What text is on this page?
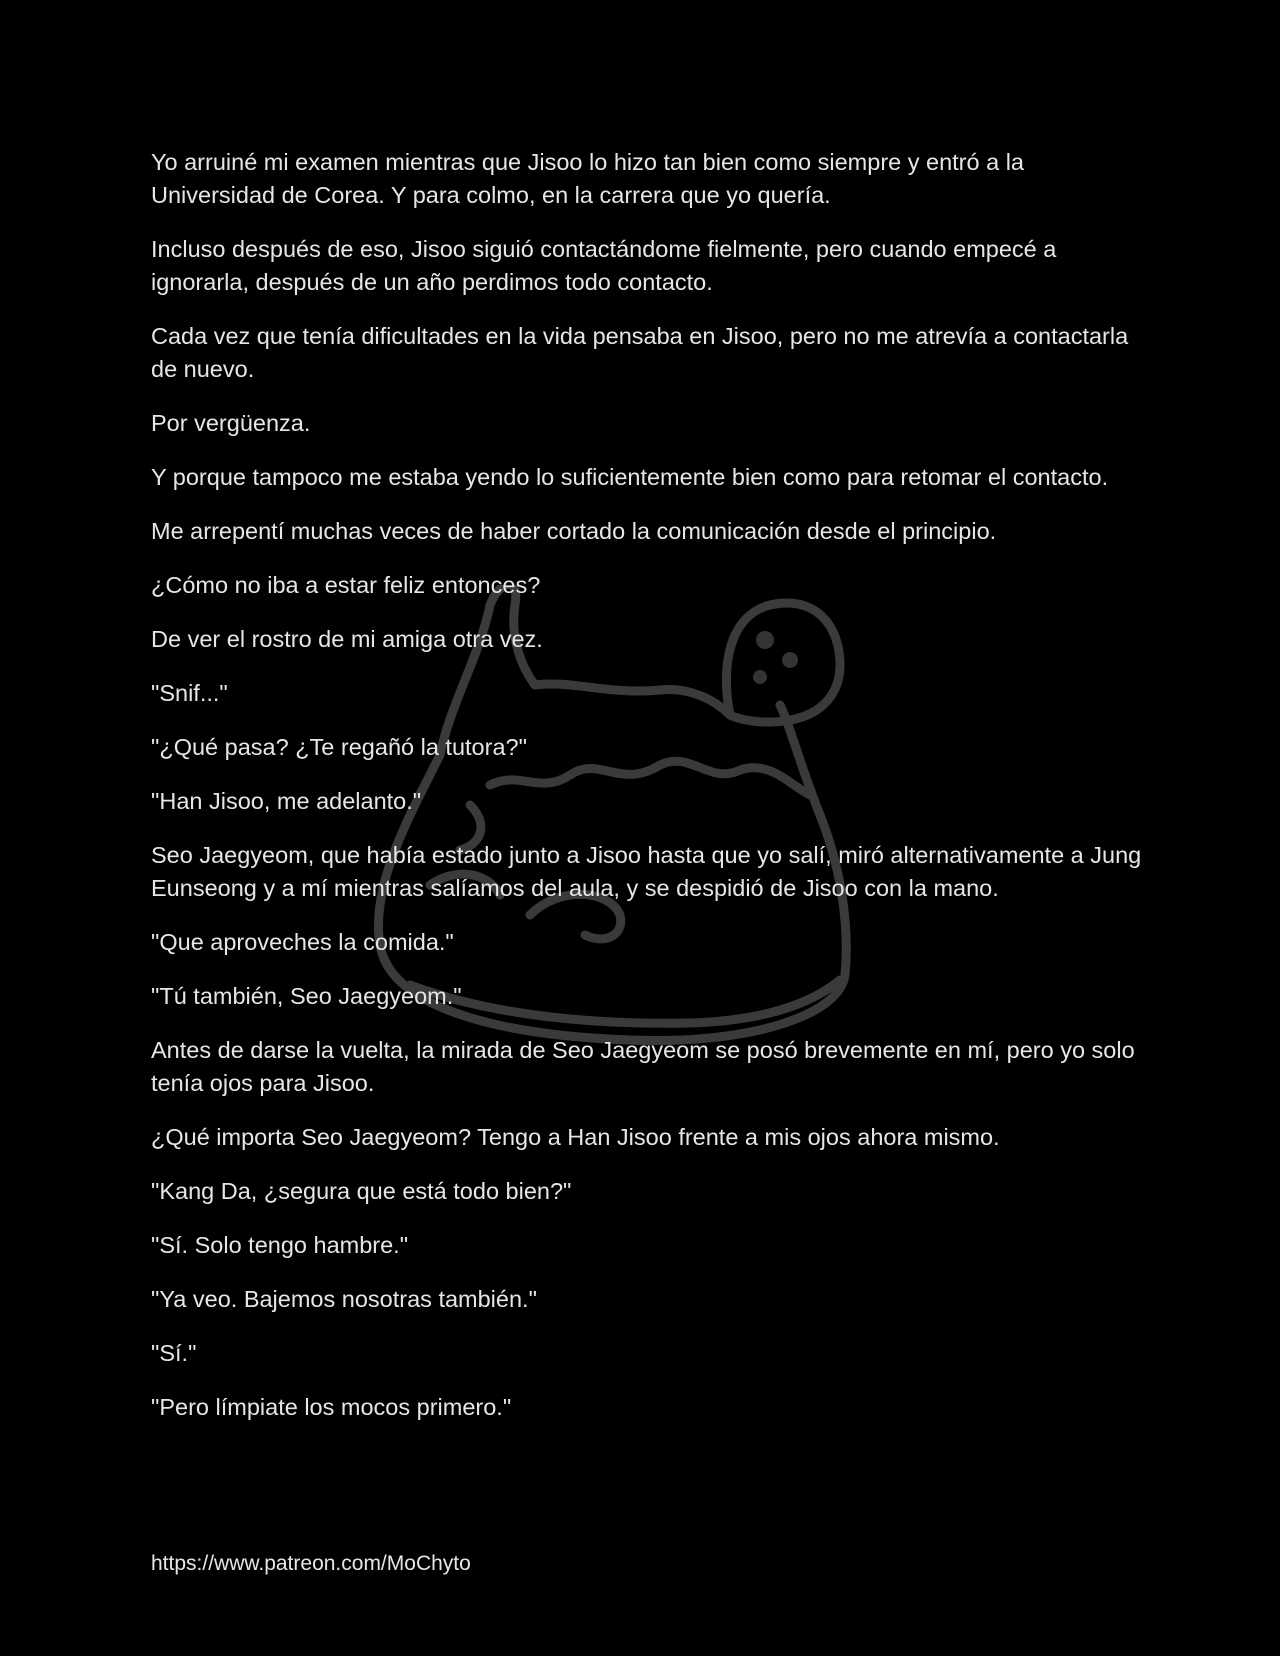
Yo arruiné mi examen mientras que Jisoo lo hizo tan bien como siempre y entró a la Universidad de Corea. Y para colmo, en la carrera que yo quería.

Incluso después de eso, Jisoo siguió contactándome fielmente, pero cuando empecé a ignorarla, después de un año perdimos todo contacto.

Cada vez que tenía dificultades en la vida pensaba en Jisoo, pero no me atrevía a contactarla de nuevo.

Por vergüenza.

Y porque tampoco me estaba yendo lo suficientemente bien como para retomar el contacto.

Me arrepentí muchas veces de haber cortado la comunicación desde el principio.

¿Cómo no iba a estar feliz entonces?

De ver el rostro de mi amiga otra vez.

"Snif..."

"¿Qué pasa? ¿Te regañó la tutora?"

"Han Jisoo, me adelanto."

Seo Jaegyeom, que había estado junto a Jisoo hasta que yo salí, miró alternativamente a Jung Eunseong y a mí mientras salíamos del aula, y se despidió de Jisoo con la mano.

"Que aproveches la comida."

"Tú también, Seo Jaegyeom."

Antes de darse la vuelta, la mirada de Seo Jaegyeom se posó brevemente en mí, pero yo solo tenía ojos para Jisoo.

¿Qué importa Seo Jaegyeom? Tengo a Han Jisoo frente a mis ojos ahora mismo.

"Kang Da, ¿segura que está todo bien?"

"Sí. Solo tengo hambre."

"Ya veo. Bajemos nosotras también."

"Sí."

"Pero límpiate los mocos primero."

https://www.patreon.com/MoChyto
